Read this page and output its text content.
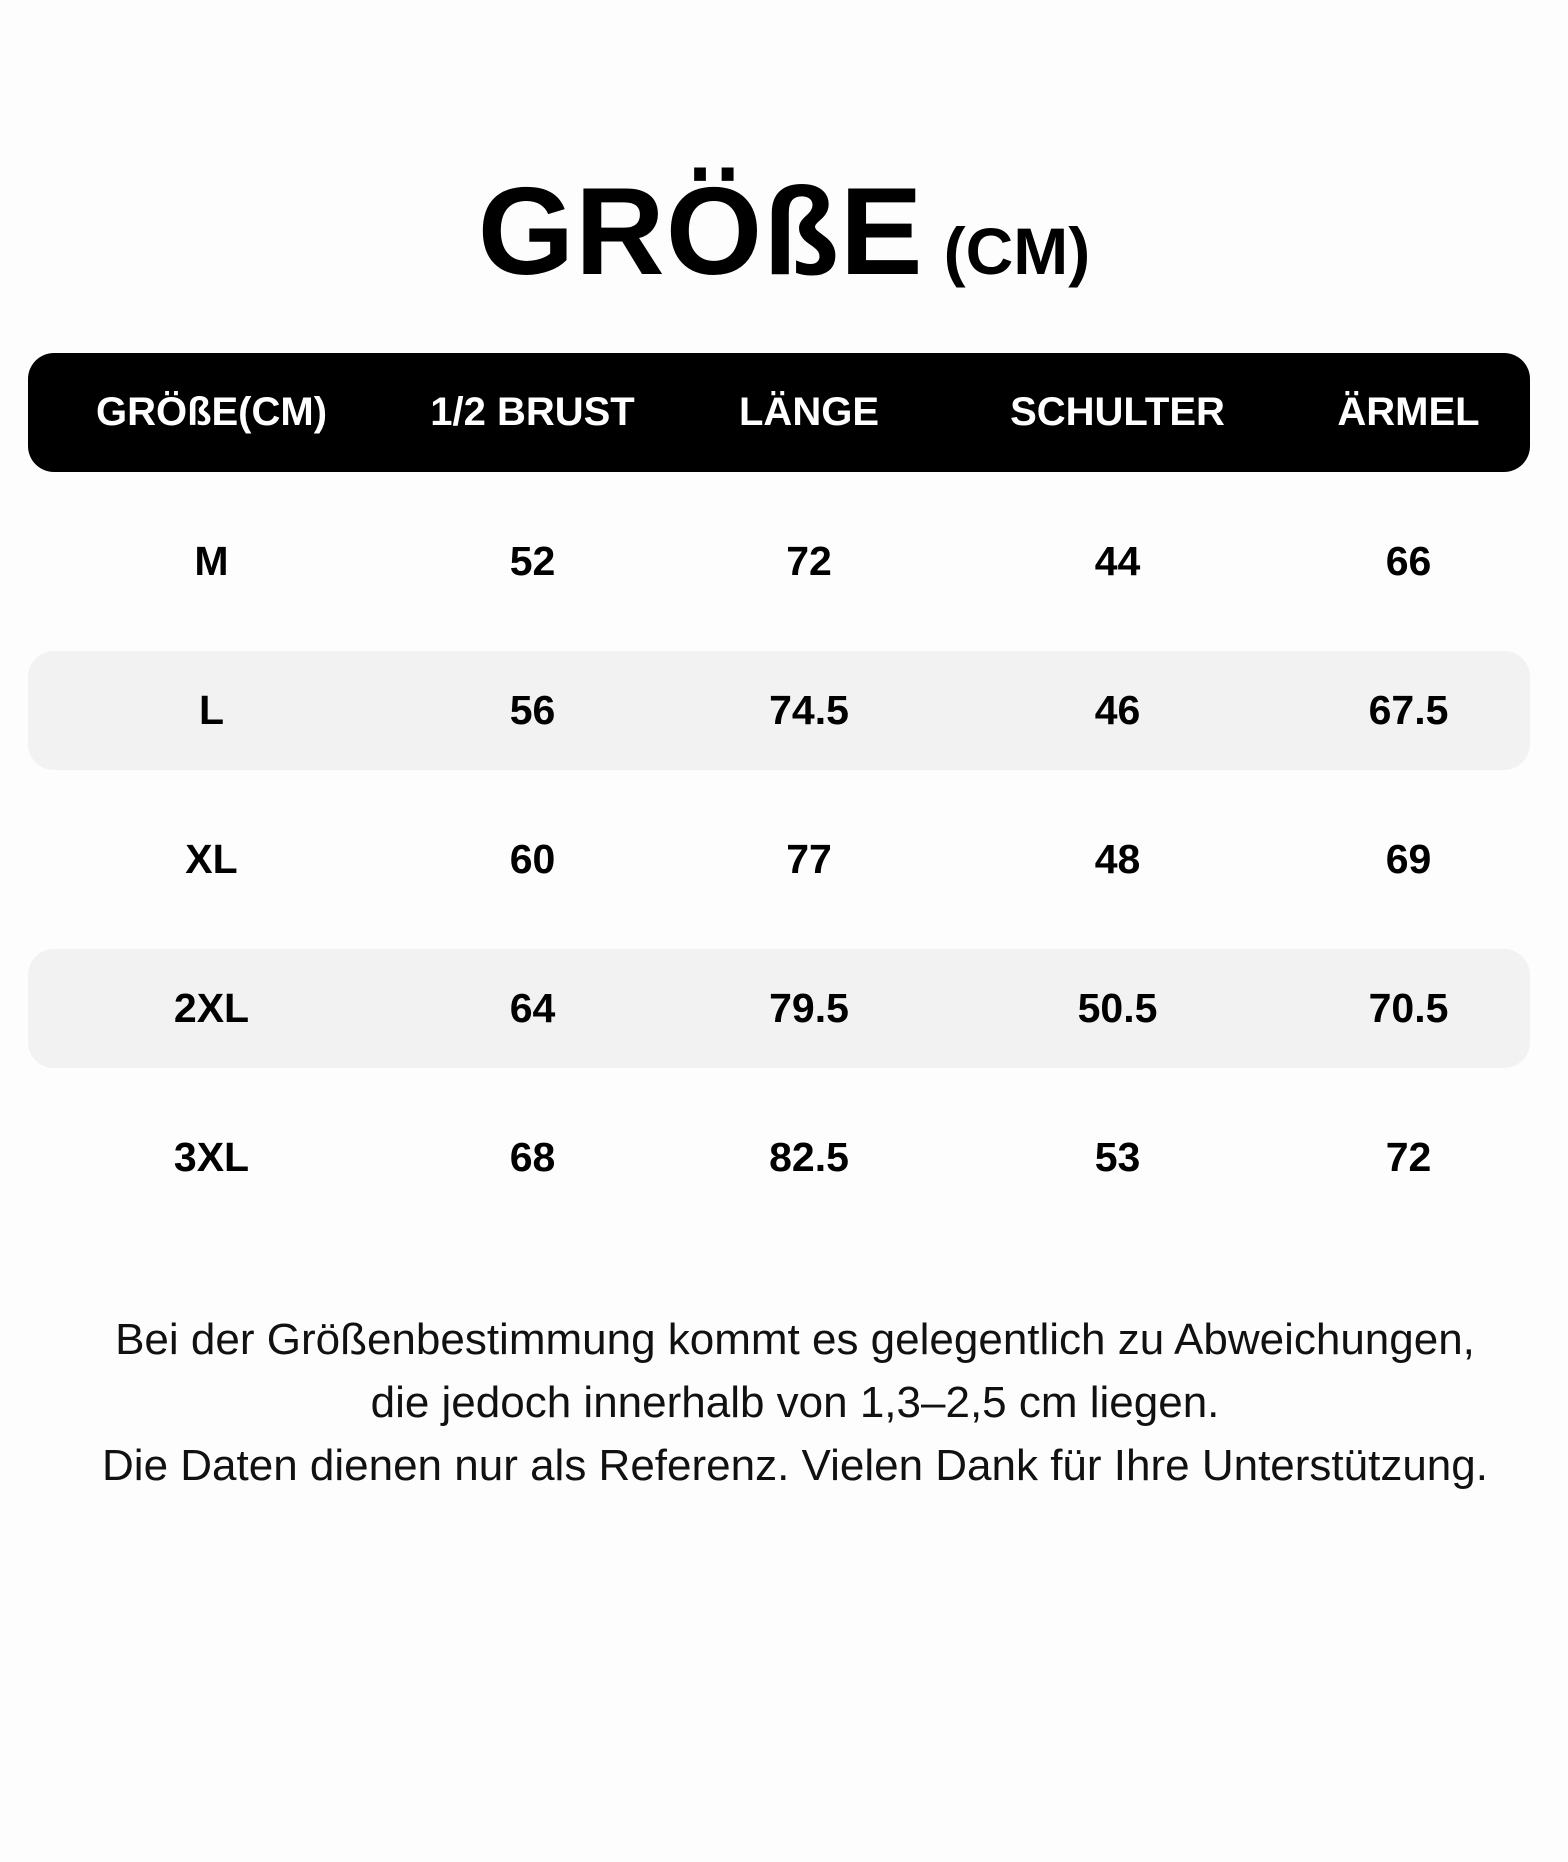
GRÖßE (CM)
GRÖßE(CM)	1/2 BRUST	LÄNGE	SCHULTER	ÄRMEL
M	52	72	44	66
L	56	74.5	46	67.5
XL	60	77	48	69
2XL	64	79.5	50.5	70.5
3XL	68	82.5	53	72
Bei der Größenbestimmung kommt es gelegentlich zu Abweichungen,
die jedoch innerhalb von 1,3–2,5 cm liegen.
Die Daten dienen nur als Referenz. Vielen Dank für Ihre Unterstützung.
